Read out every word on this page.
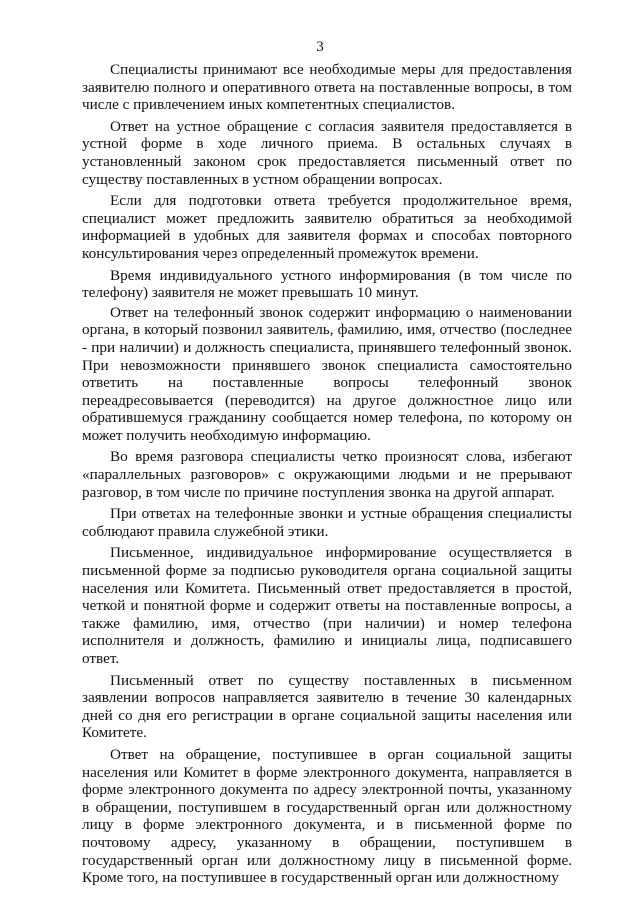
3

Специалисты принимают все необходимые меры для предоставления заявителю полного и оперативного ответа на поставленные вопросы, в том числе с привлечением иных компетентных специалистов.

Ответ на устное обращение с согласия заявителя предоставляется в устной форме в ходе личного приема. В остальных случаях в установленный законом срок предоставляется письменный ответ по существу поставленных в устном обращении вопросах.

Если для подготовки ответа требуется продолжительное время, специалист может предложить заявителю обратиться за необходимой информацией в удобных для заявителя формах и способах повторного консультирования через определенный промежуток времени.

Время индивидуального устного информирования (в том числе по телефону) заявителя не может превышать 10 минут.

Ответ на телефонный звонок содержит информацию о наименовании органа, в который позвонил заявитель, фамилию, имя, отчество (последнее - при наличии) и должность специалиста, принявшего телефонный звонок. При невозможности принявшего звонок специалиста самостоятельно ответить на поставленные вопросы телефонный звонок переадресовывается (переводится) на другое должностное лицо или обратившемуся гражданину сообщается номер телефона, по которому он может получить необходимую информацию.

Во время разговора специалисты четко произносят слова, избегают «параллельных разговоров» с окружающими людьми и не прерывают разговор, в том числе по причине поступления звонка на другой аппарат.

При ответах на телефонные звонки и устные обращения специалисты соблюдают правила служебной этики.

Письменное, индивидуальное информирование осуществляется в письменной форме за подписью руководителя органа социальной защиты населения или Комитета. Письменный ответ предоставляется в простой, четкой и понятной форме и содержит ответы на поставленные вопросы, а также фамилию, имя, отчество (при наличии) и номер телефона исполнителя и должность, фамилию и инициалы лица, подписавшего ответ.

Письменный ответ по существу поставленных в письменном заявлении вопросов направляется заявителю в течение 30 календарных дней со дня его регистрации в органе социальной защиты населения или Комитете.

Ответ на обращение, поступившее в орган социальной защиты населения или Комитет в форме электронного документа, направляется в форме электронного документа по адресу электронной почты, указанному в обращении, поступившем в государственный орган или должностному лицу в форме электронного документа, и в письменной форме по почтовому адресу, указанному в обращении, поступившем в государственный орган или должностному лицу в письменной форме. Кроме того, на поступившее в государственный орган или должностному
